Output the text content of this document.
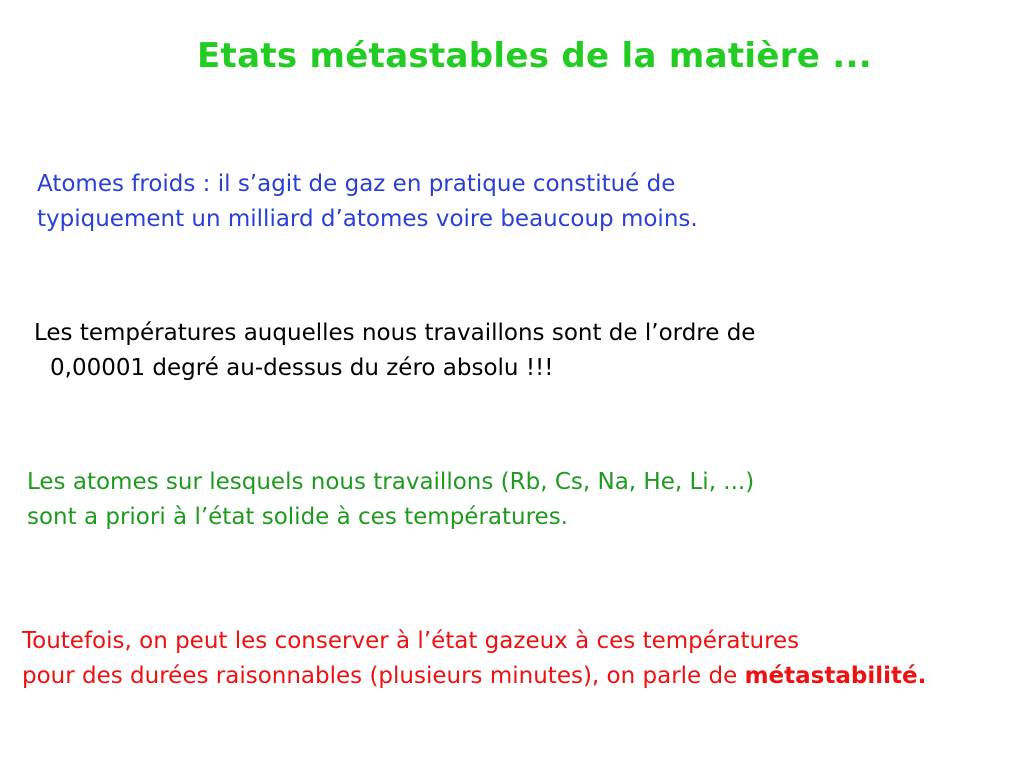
Etats métastables de la matière ...
Atomes froids : il s’agit de gaz en pratique constitué de
typiquement un milliard d’atomes voire beaucoup moins.
Les températures auquelles nous travaillons sont de l’ordre de
0,00001 degré au-dessus du zéro absolu !!!
Les atomes sur lesquels nous travaillons (Rb, Cs, Na, He, Li, ...)
sont a priori à l’état solide à ces températures.
Toutefois, on peut les conserver à l’état gazeux à ces températures
pour des durées raisonnables (plusieurs minutes), on parle de métastabilité.
